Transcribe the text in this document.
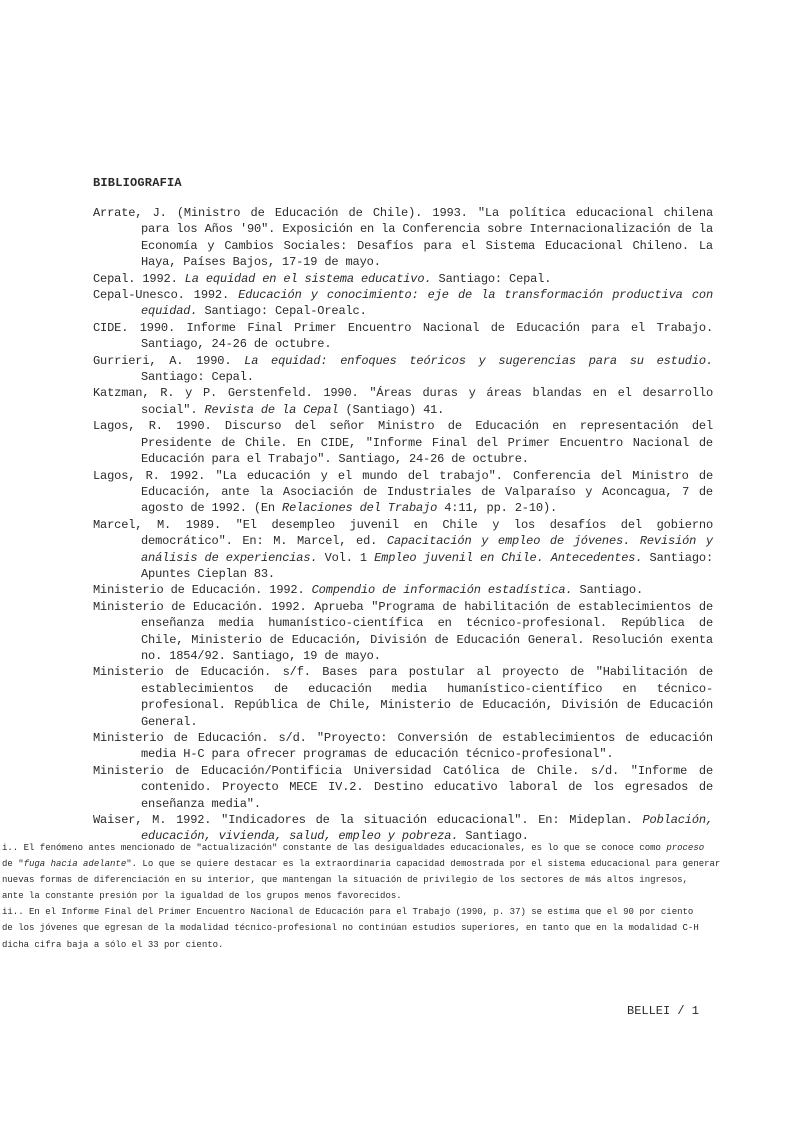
BIBLIOGRAFIA

Arrate, J. (Ministro de Educación de Chile). 1993. "La política educacional chilena para los Años '90". Exposición en la Conferencia sobre Internacionalización de la Economía y Cambios Sociales: Desafíos para el Sistema Educacional Chileno. La Haya, Países Bajos, 17-19 de mayo.

Cepal. 1992. La equidad en el sistema educativo. Santiago: Cepal.

Cepal-Unesco. 1992. Educación y conocimiento: eje de la transformación productiva con equidad. Santiago: Cepal-Orealc.

CIDE. 1990. Informe Final Primer Encuentro Nacional de Educación para el Trabajo. Santiago, 24-26 de octubre.

Gurrieri, A. 1990. La equidad: enfoques teóricos y sugerencias para su estudio. Santiago: Cepal.

Katzman, R. y P. Gerstenfeld. 1990. "Áreas duras y áreas blandas en el desarrollo social". Revista de la Cepal (Santiago) 41.

Lagos, R. 1990. Discurso del señor Ministro de Educación en representación del Presidente de Chile. En CIDE, "Informe Final del Primer Encuentro Nacional de Educación para el Trabajo". Santiago, 24-26 de octubre.

Lagos, R. 1992. "La educación y el mundo del trabajo". Conferencia del Ministro de Educación, ante la Asociación de Industriales de Valparaíso y Aconcagua, 7 de agosto de 1992. (En Relaciones del Trabajo 4:11, pp. 2-10).

Marcel, M. 1989. "El desempleo juvenil en Chile y los desafíos del gobierno democrático". En: M. Marcel, ed. Capacitación y empleo de jóvenes. Revisión y análisis de experiencias. Vol. 1 Empleo juvenil en Chile. Antecedentes. Santiago: Apuntes Cieplan 83.

Ministerio de Educación. 1992. Compendio de información estadística. Santiago.

Ministerio de Educación. 1992. Aprueba "Programa de habilitación de establecimientos de enseñanza media humanístico-científica en técnico-profesional. República de Chile, Ministerio de Educación, División de Educación General. Resolución exenta no. 1854/92. Santiago, 19 de mayo.

Ministerio de Educación. s/f. Bases para postular al proyecto de "Habilitación de establecimientos de educación media humanístico-científico en técnico-profesional. República de Chile, Ministerio de Educación, División de Educación General.

Ministerio de Educación. s/d. "Proyecto: Conversión de establecimientos de educación media H-C para ofrecer programas de educación técnico-profesional".

Ministerio de Educación/Pontificia Universidad Católica de Chile. s/d. "Informe de contenido. Proyecto MECE IV.2. Destino educativo laboral de los egresados de enseñanza media".

Waiser, M. 1992. "Indicadores de la situación educacional". En: Mideplan. Población, educación, vivienda, salud, empleo y pobreza. Santiago.

i.. El fenómeno antes mencionado de "actualización" constante de las desigualdades educacionales, es lo que se conoce como proceso

de "fuga hacia adelante". Lo que se quiere destacar es la extraordinaria capacidad demostrada por el sistema educacional para generar

nuevas formas de diferenciación en su interior, que mantengan la situación de privilegio de los sectores de más altos ingresos,

ante la constante presión por la igualdad de los grupos menos favorecidos.

ii.. En el Informe Final del Primer Encuentro Nacional de Educación para el Trabajo (1990, p. 37) se estima que el 90 por ciento

de los jóvenes que egresan de la modalidad técnico-profesional no continúan estudios superiores, en tanto que en la modalidad C-H

dicha cifra baja a sólo el 33 por ciento.

BELLEI / 1
